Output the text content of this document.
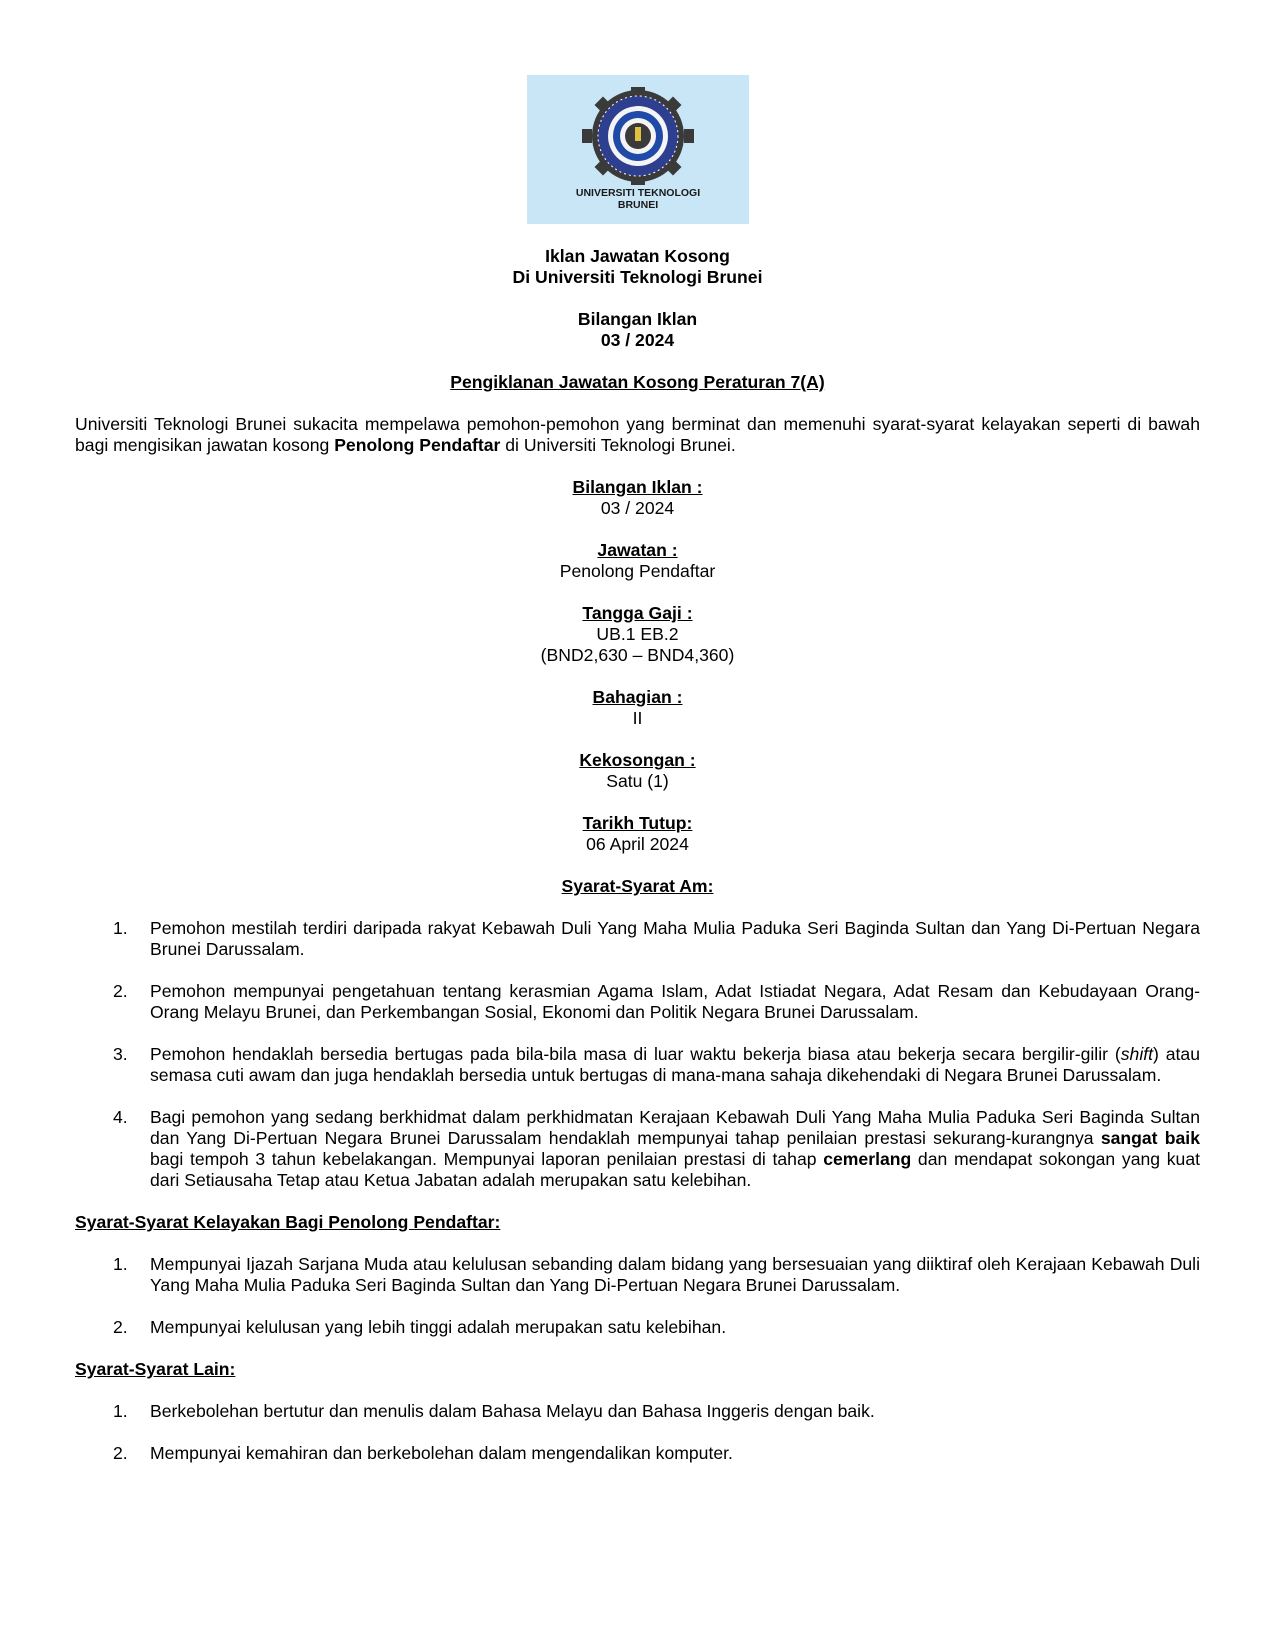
UNIVERSITI TEKNOLOGI
BRUNEI

Iklan Jawatan Kosong

Di Universiti Teknologi Brunei

Bilangan Iklan

03 / 2024

Pengiklanan Jawatan Kosong Peraturan 7(A)

Universiti Teknologi Brunei sukacita mempelawa pemohon-pemohon yang berminat dan memenuhi syarat-syarat kelayakan seperti di bawah bagi mengisikan jawatan kosong Penolong Pendaftar di Universiti Teknologi Brunei.

Bilangan Iklan :

03 / 2024

Jawatan :

Penolong Pendaftar

Tangga Gaji :

UB.1 EB.2

(BND2,630 – BND4,360)

Bahagian :

II

Kekosongan :

Satu (1)

Tarikh Tutup:

06 April 2024

Syarat-Syarat Am:

1. Pemohon mestilah terdiri daripada rakyat Kebawah Duli Yang Maha Mulia Paduka Seri Baginda Sultan dan Yang Di-Pertuan Negara Brunei Darussalam.
2. Pemohon mempunyai pengetahuan tentang kerasmian Agama Islam, Adat Istiadat Negara, Adat Resam dan Kebudayaan Orang-Orang Melayu Brunei, dan Perkembangan Sosial, Ekonomi dan Politik Negara Brunei Darussalam.
3. Pemohon hendaklah bersedia bertugas pada bila-bila masa di luar waktu bekerja biasa atau bekerja secara bergilir-gilir (shift) atau semasa cuti awam dan juga hendaklah bersedia untuk bertugas di mana-mana sahaja dikehendaki di Negara Brunei Darussalam.
4. Bagi pemohon yang sedang berkhidmat dalam perkhidmatan Kerajaan Kebawah Duli Yang Maha Mulia Paduka Seri Baginda Sultan dan Yang Di-Pertuan Negara Brunei Darussalam hendaklah mempunyai tahap penilaian prestasi sekurang-kurangnya sangat baik bagi tempoh 3 tahun kebelakangan. Mempunyai laporan penilaian prestasi di tahap cemerlang dan mendapat sokongan yang kuat dari Setiausaha Tetap atau Ketua Jabatan adalah merupakan satu kelebihan.

Syarat-Syarat Kelayakan Bagi Penolong Pendaftar:

1. Mempunyai Ijazah Sarjana Muda atau kelulusan sebanding dalam bidang yang bersesuaian yang diiktiraf oleh Kerajaan Kebawah Duli Yang Maha Mulia Paduka Seri Baginda Sultan dan Yang Di-Pertuan Negara Brunei Darussalam.
2. Mempunyai kelulusan yang lebih tinggi adalah merupakan satu kelebihan.

Syarat-Syarat Lain:

1. Berkebolehan bertutur dan menulis dalam Bahasa Melayu dan Bahasa Inggeris dengan baik.
2. Mempunyai kemahiran dan berkebolehan dalam mengendalikan komputer.
